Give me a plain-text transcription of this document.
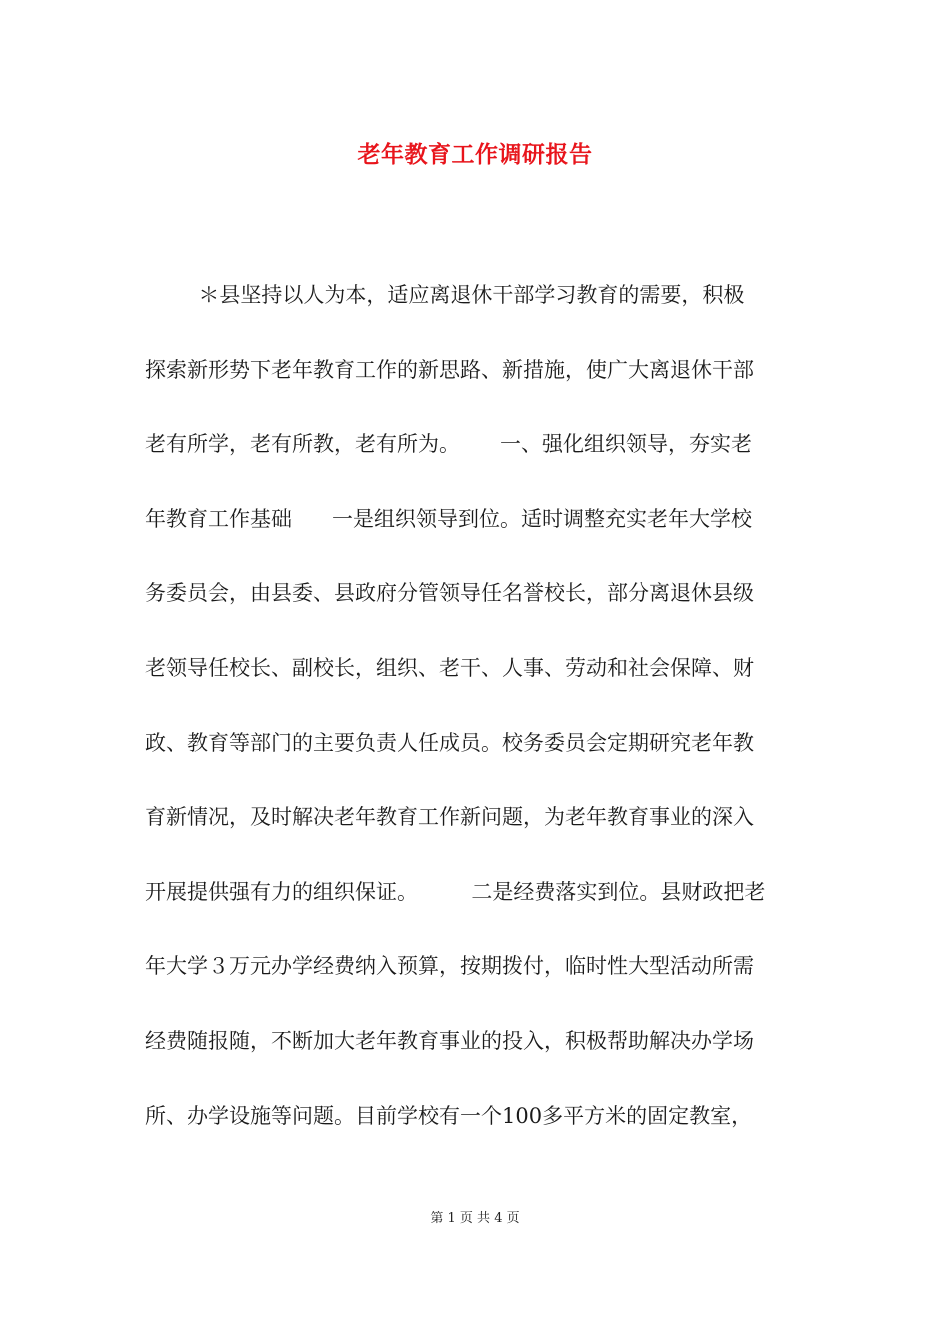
老年教育工作调研报告
＊县坚持以人为本，适应离退休干部学习教育的需要，积极
探索新形势下老年教育工作的新思路、新措施，使广大离退休干部
老有所学，老有所教，老有所为。      一、强化组织领导，夯实老
年教育工作基础      一是组织领导到位。适时调整充实老年大学校
务委员会，由县委、县政府分管领导任名誉校长，部分离退休县级
老领导任校长、副校长，组织、老干、人事、劳动和社会保障、财
政、教育等部门的主要负责人任成员。校务委员会定期研究老年教
育新情况，及时解决老年教育工作新问题，为老年教育事业的深入
开展提供强有力的组织保证。        二是经费落实到位。县财政把老
年大学３万元办学经费纳入预算，按期拨付，临时性大型活动所需
经费随报随，不断加大老年教育事业的投入，积极帮助解决办学场
所、办学设施等问题。目前学校有一个100多平方米的固定教室，
第 1 页 共 4 页
